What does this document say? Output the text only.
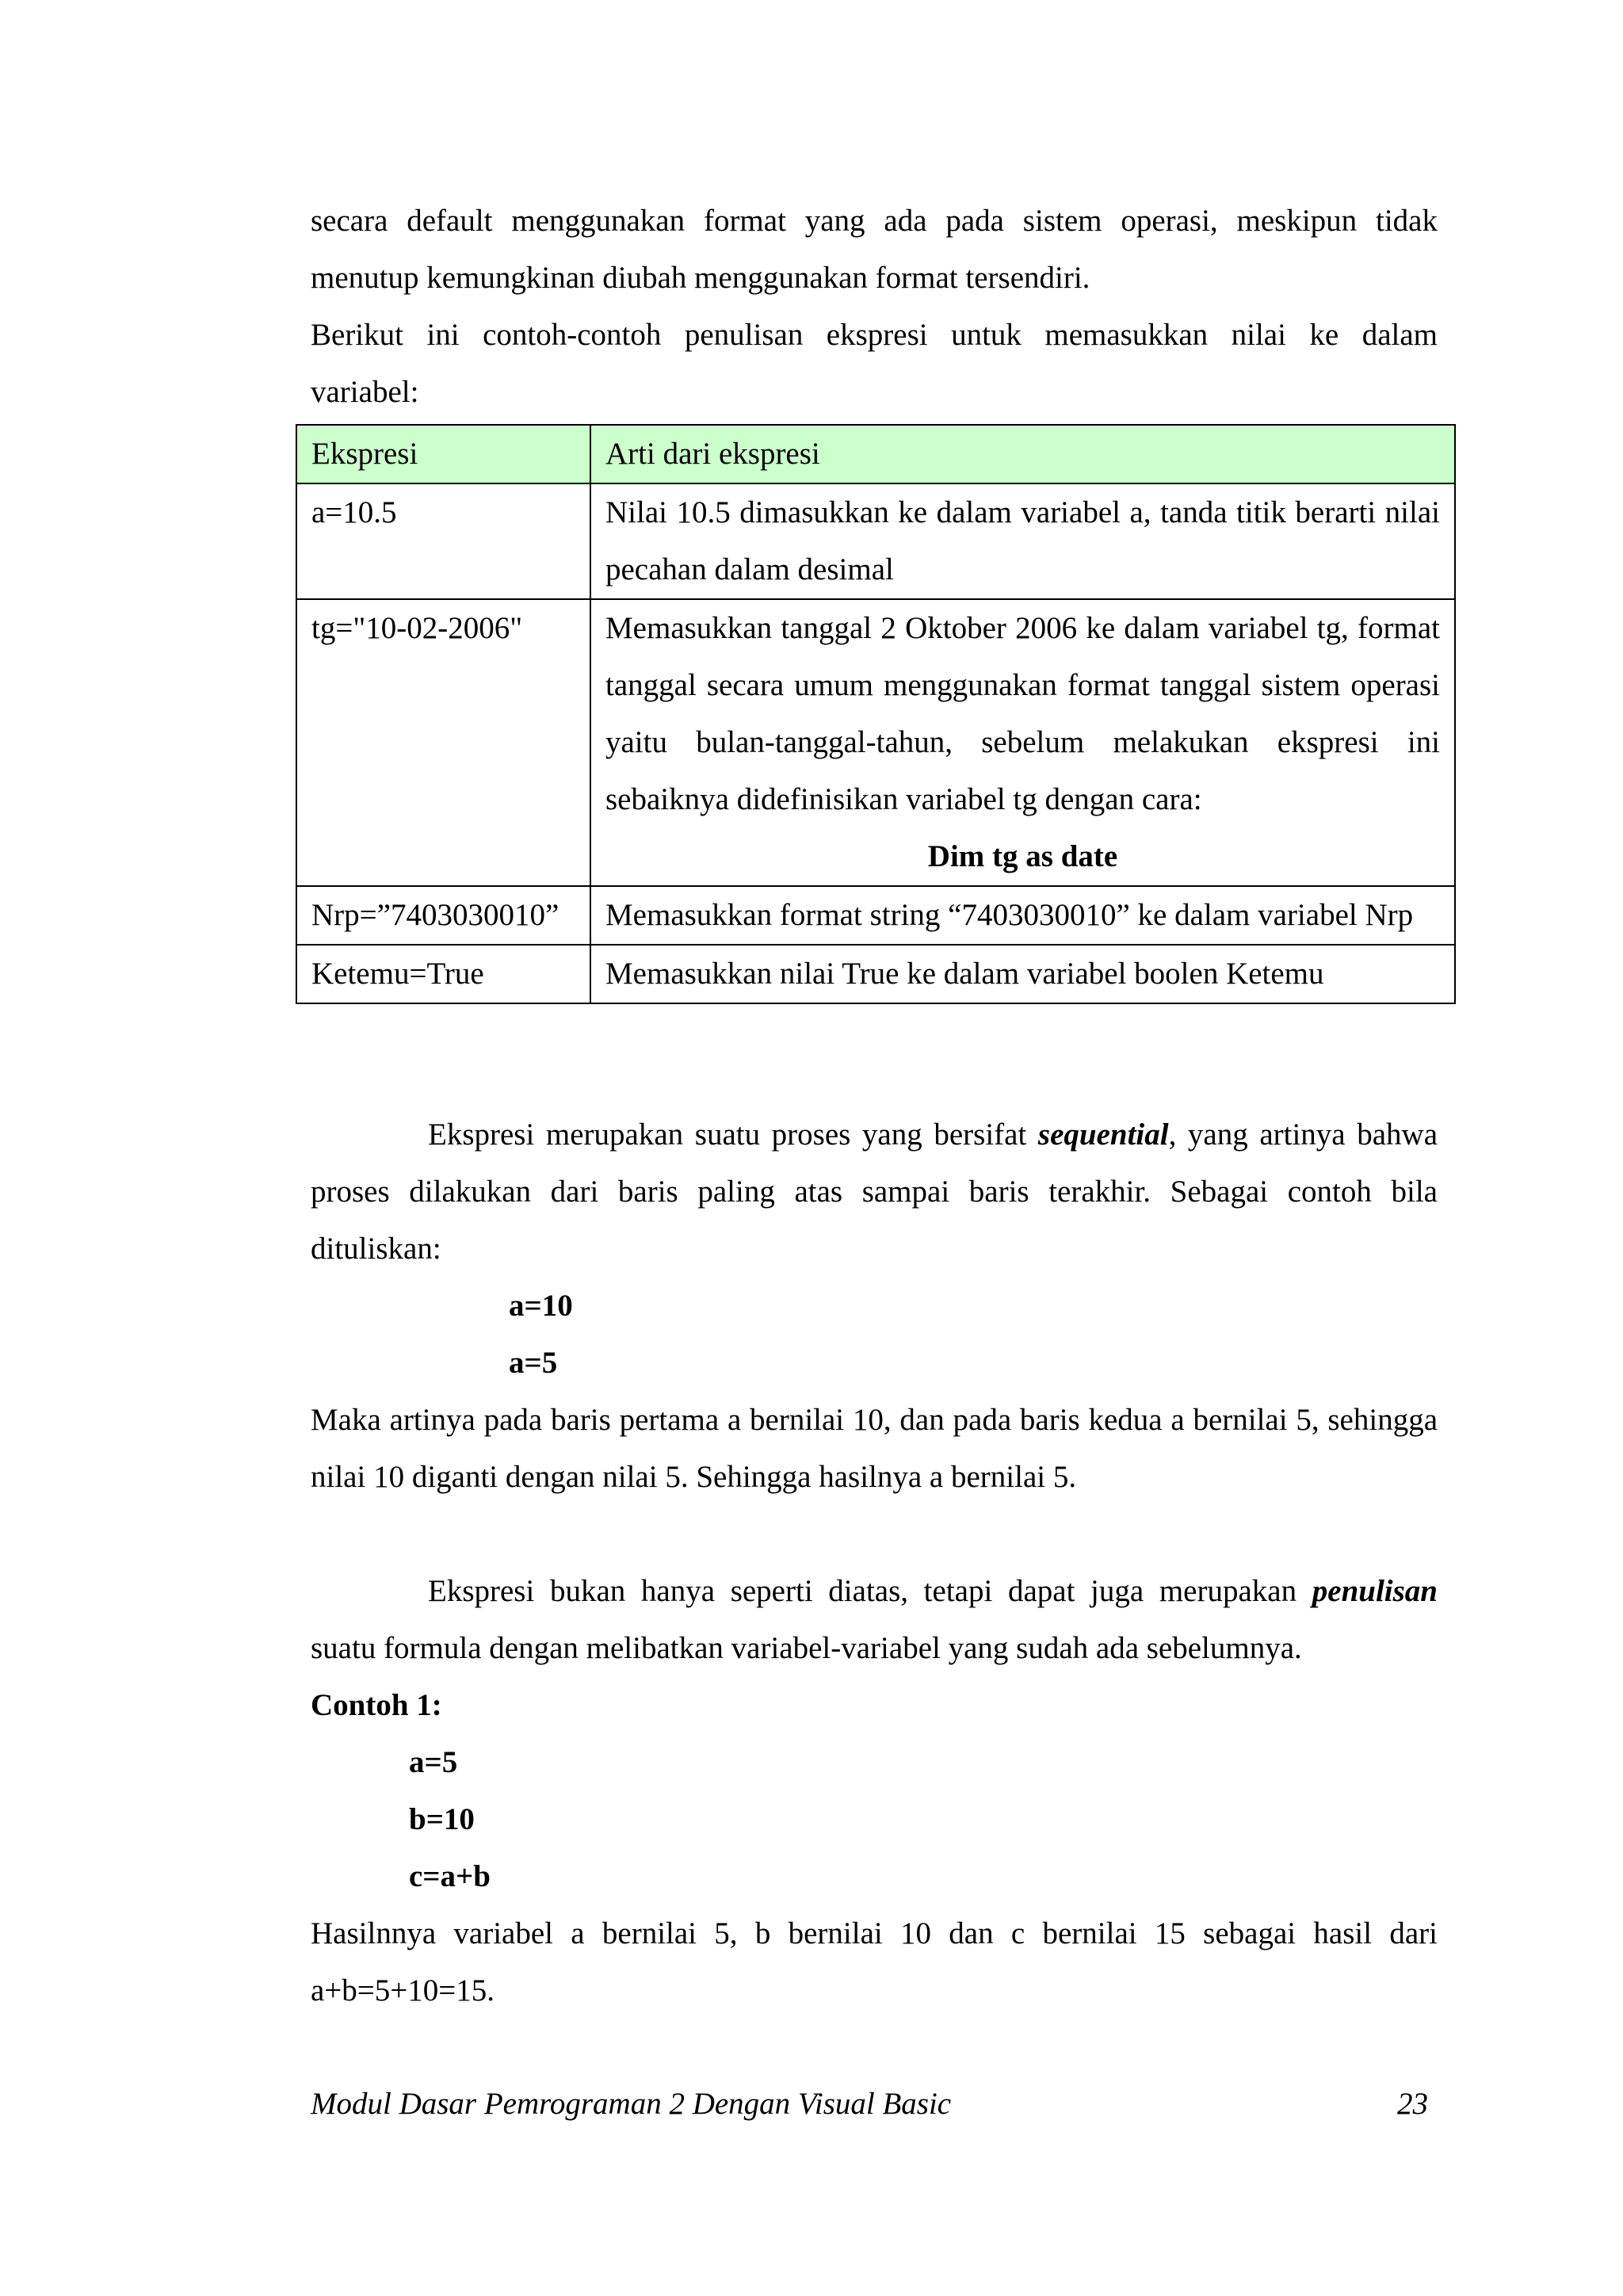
secara default menggunakan format yang ada pada sistem operasi, meskipun tidak
menutup kemungkinan diubah menggunakan format tersendiri.
Berikut ini contoh-contoh penulisan ekspresi untuk memasukkan nilai ke dalam
variabel:
Ekspresi	Arti dari ekspresi
a=10.5	Nilai 10.5 dimasukkan ke dalam variabel a, tanda titik berarti nilai pecahan dalam desimal
tg="10-02-2006"	Memasukkan tanggal 2 Oktober 2006 ke dalam variabel tg, format tanggal secara umum menggunakan format tanggal sistem operasi yaitu bulan-tanggal-tahun, sebelum melakukan ekspresi ini sebaiknya didefinisikan variabel tg dengan cara:
Dim tg as date

Nrp=”7403030010”	Memasukkan format string “7403030010” ke dalam variabel Nrp
Ketemu=True	Memasukkan nilai True ke dalam variabel boolen Ketemu
Ekspresi merupakan suatu proses yang bersifat sequential, yang artinya bahwa proses dilakukan dari baris paling atas sampai baris terakhir. Sebagai contoh bila dituliskan:
a=10
a=5
Maka artinya pada baris pertama a bernilai 10, dan pada baris kedua a bernilai 5, sehingga nilai 10 diganti dengan nilai 5. Sehingga hasilnya a bernilai 5.
Ekspresi bukan hanya seperti diatas, tetapi dapat juga merupakan penulisan suatu formula dengan melibatkan variabel-variabel yang sudah ada sebelumnya.
Contoh 1:
a=5
b=10
c=a+b
Hasilnnya variabel a bernilai 5, b bernilai 10 dan c bernilai 15 sebagai hasil dari a+b=5+10=15.
Modul Dasar Pemrograman 2 Dengan Visual Basic	23
